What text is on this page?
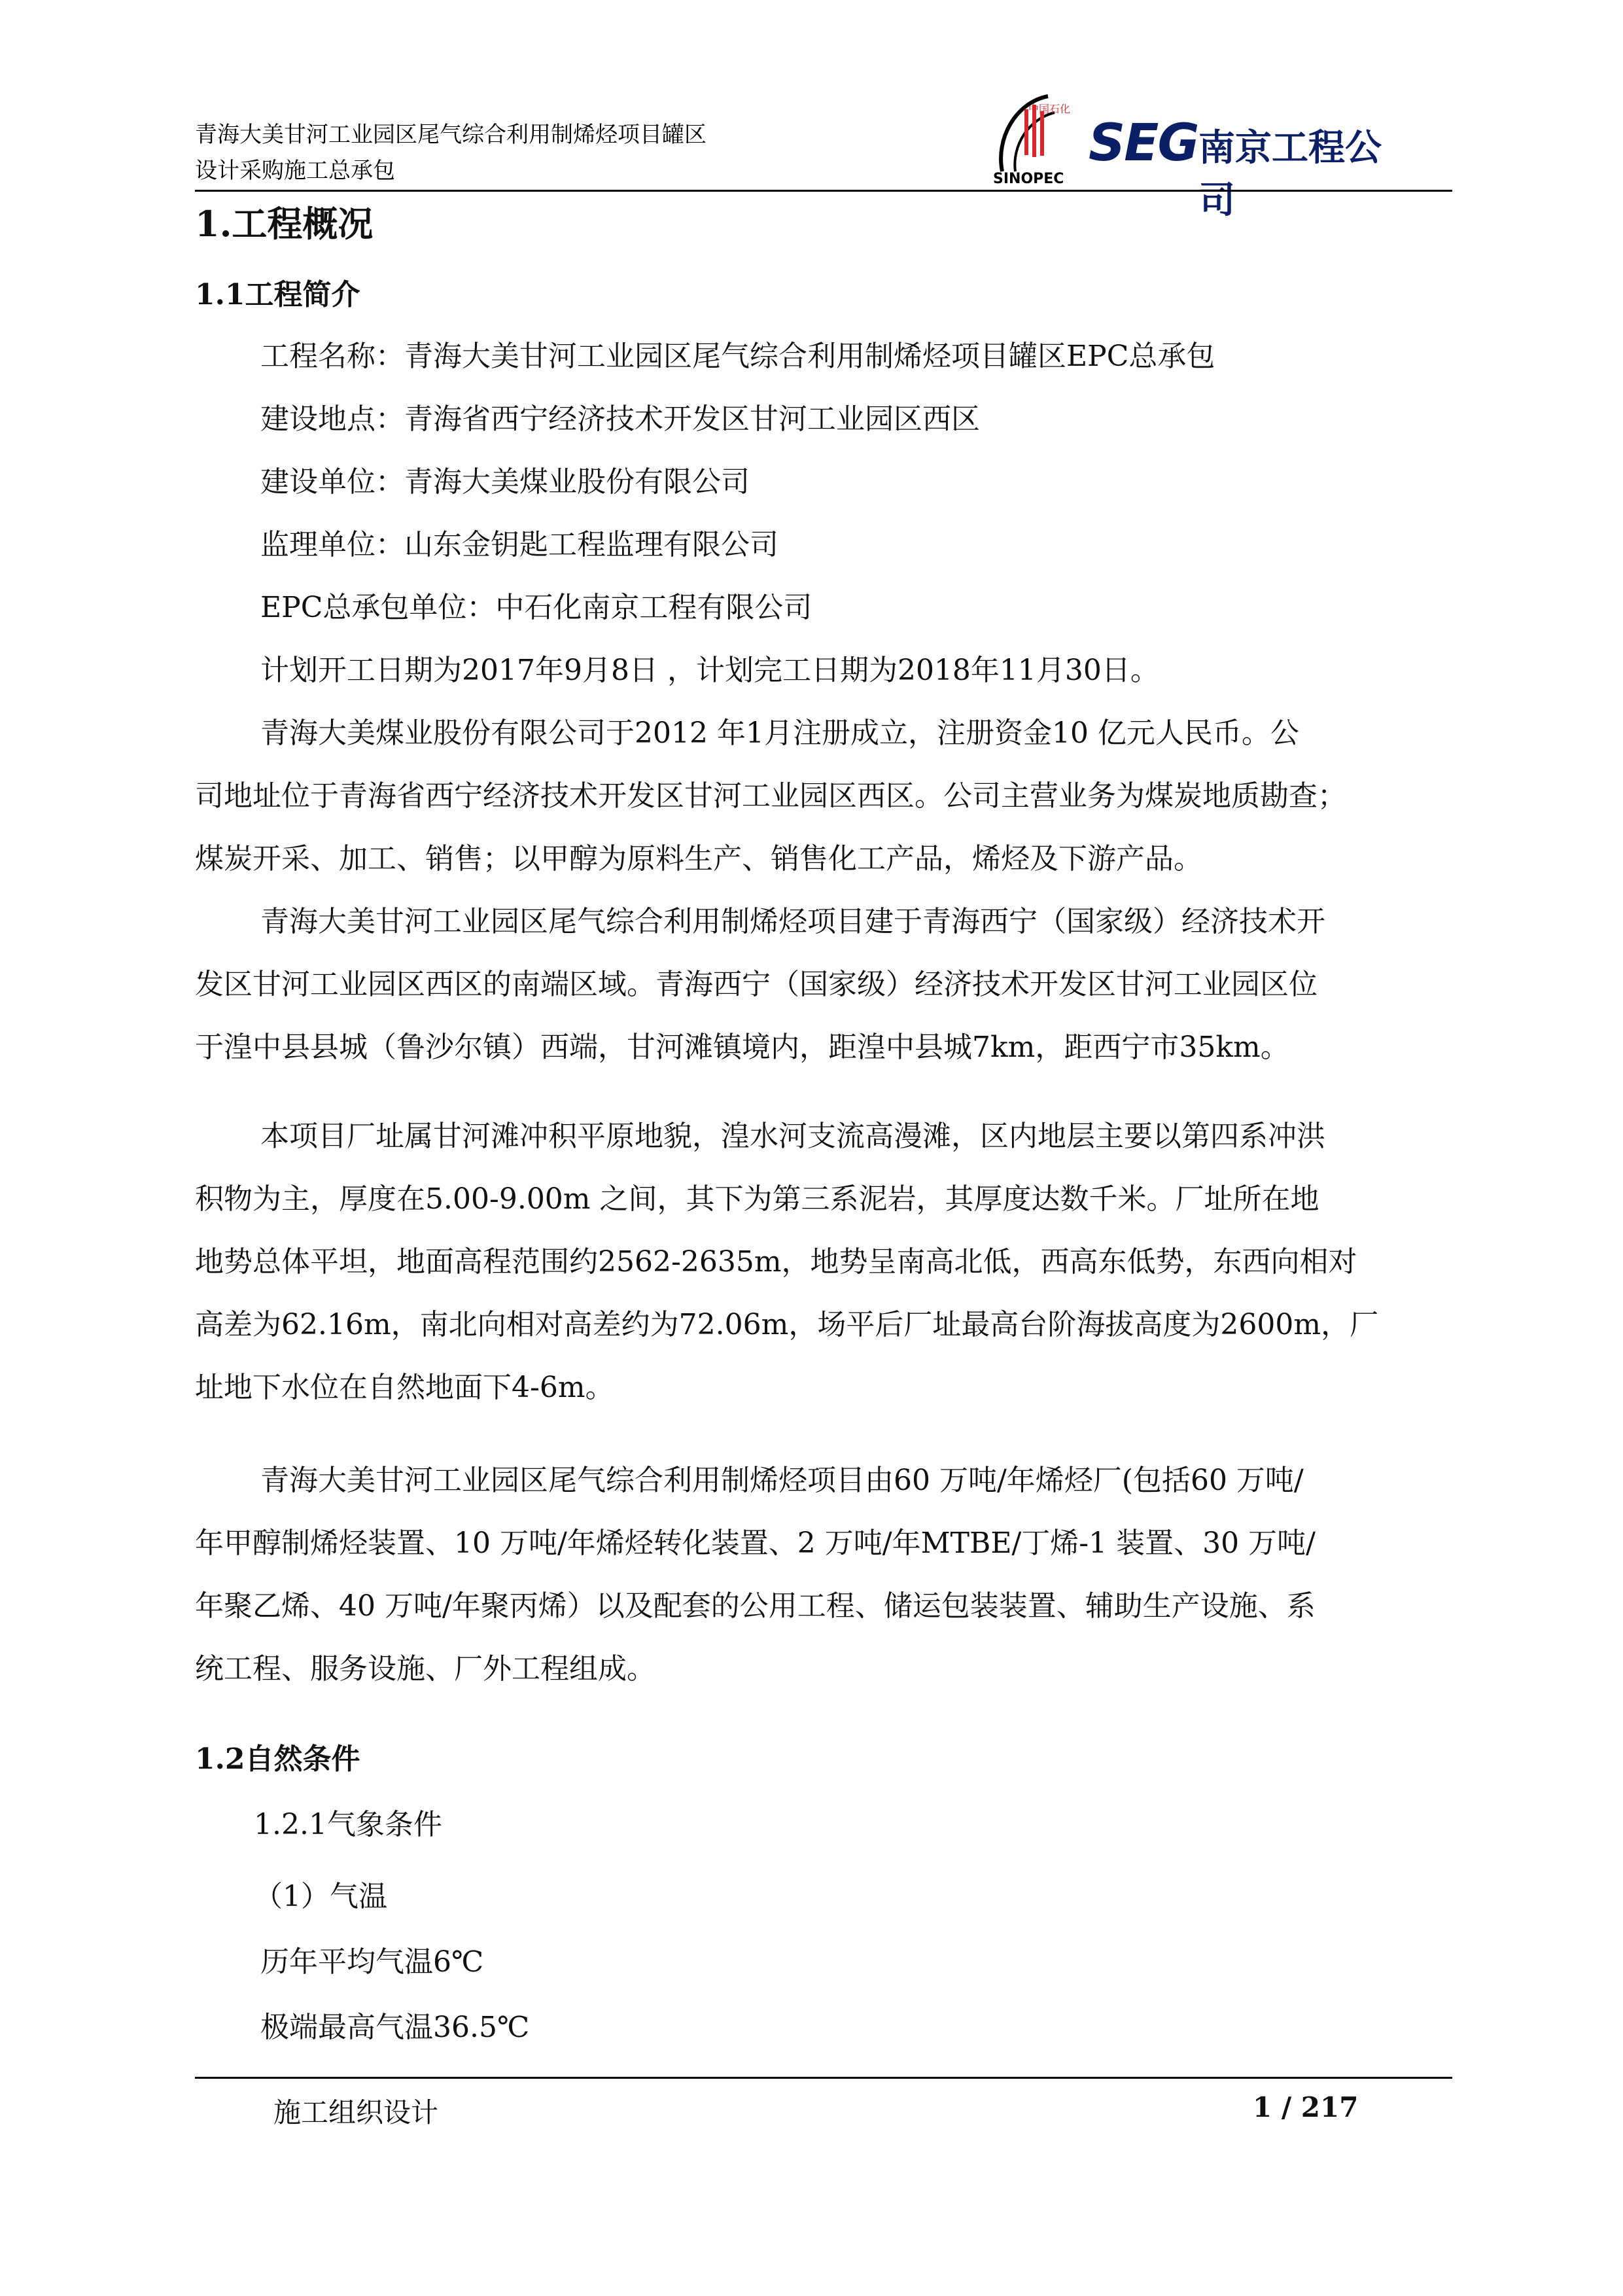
青海大美甘河工业园区尾气综合利用制烯烃项目罐区
设计采购施工总承包
中国石化
SINOPEC
SEG 南京工程公司
1.工程概况
1.1工程简介
工程名称：青海大美甘河工业园区尾气综合利用制烯烃项目罐区EPC总承包
建设地点：青海省西宁经济技术开发区甘河工业园区西区
建设单位：青海大美煤业股份有限公司
监理单位：山东金钥匙工程监理有限公司
EPC总承包单位：中石化南京工程有限公司
计划开工日期为2017年9月8日 ，计划完工日期为2018年11月30日。
青海大美煤业股份有限公司于2012 年1月注册成立，注册资金10 亿元人民币。公
司地址位于青海省西宁经济技术开发区甘河工业园区西区。公司主营业务为煤炭地质勘查；
煤炭开采、加工、销售；以甲醇为原料生产、销售化工产品，烯烃及下游产品。
青海大美甘河工业园区尾气综合利用制烯烃项目建于青海西宁（国家级）经济技术开
发区甘河工业园区西区的南端区域。青海西宁（国家级）经济技术开发区甘河工业园区位
于湟中县县城（鲁沙尔镇）西端，甘河滩镇境内，距湟中县城7km，距西宁市35km。
本项目厂址属甘河滩冲积平原地貌，湟水河支流高漫滩，区内地层主要以第四系冲洪
积物为主，厚度在5.00-9.00m 之间，其下为第三系泥岩，其厚度达数千米。厂址所在地
地势总体平坦，地面高程范围约2562-2635m，地势呈南高北低，西高东低势，东西向相对
高差为62.16m，南北向相对高差约为72.06m，场平后厂址最高台阶海拔高度为2600m，厂
址地下水位在自然地面下4-6m。
青海大美甘河工业园区尾气综合利用制烯烃项目由60 万吨/年烯烃厂(包括60 万吨/
年甲醇制烯烃装置、10 万吨/年烯烃转化装置、2 万吨/年MTBE/丁烯-1 装置、30 万吨/
年聚乙烯、40 万吨/年聚丙烯）以及配套的公用工程、储运包装装置、辅助生产设施、系
统工程、服务设施、厂外工程组成。
1.2自然条件
1.2.1气象条件
（1）气温
历年平均气温6℃
极端最高气温36.5℃
施工组织设计	1 / 217
